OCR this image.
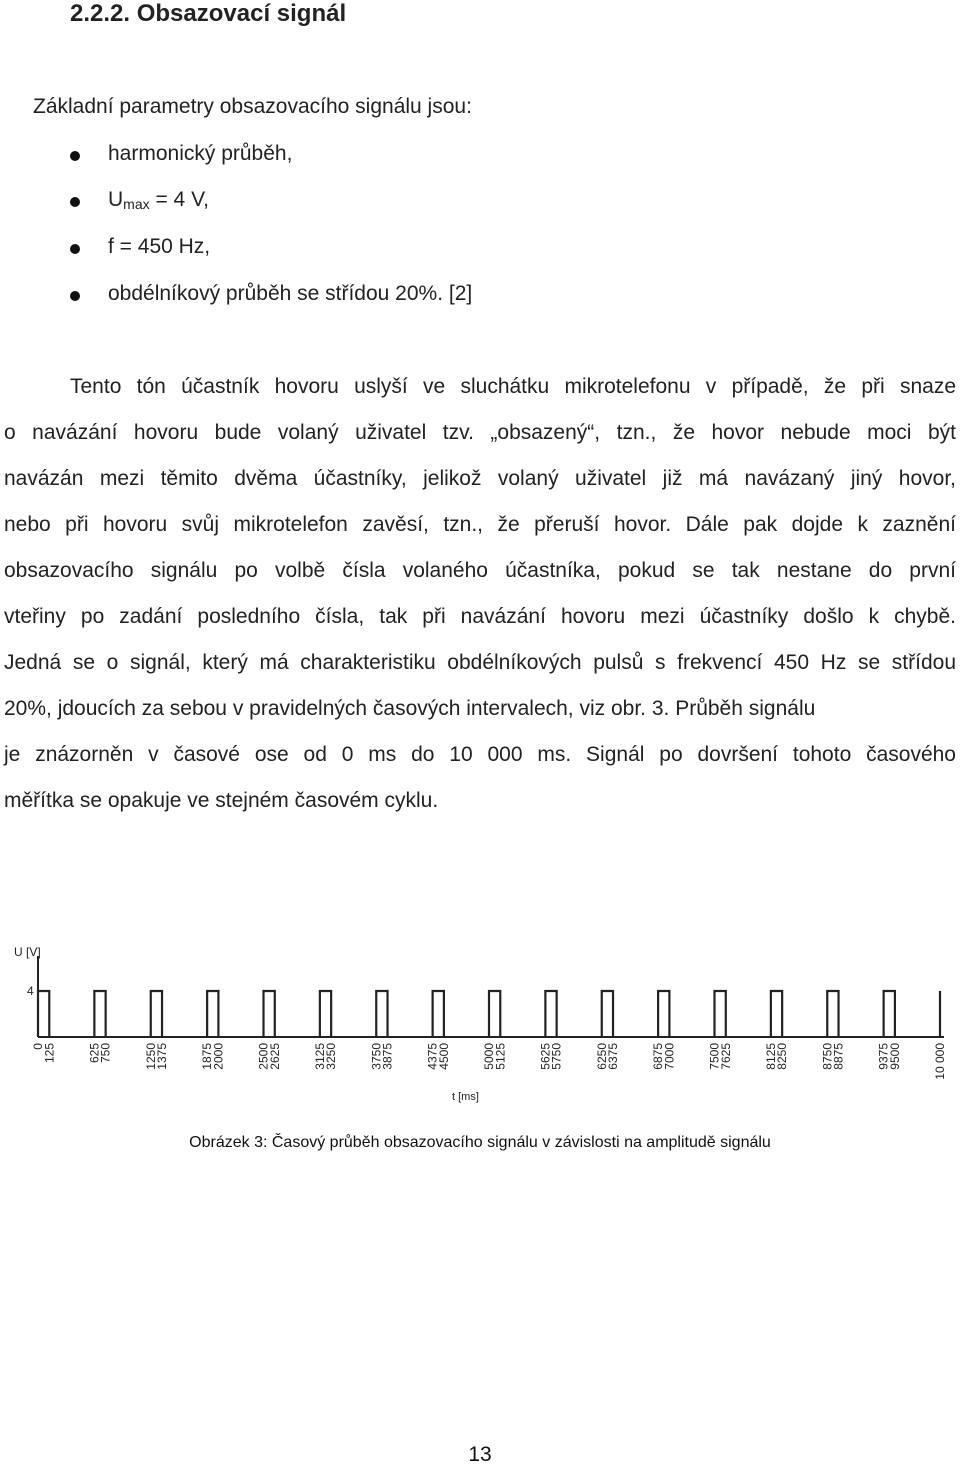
2.2.2. Obsazovací signál
Základní parametry obsazovacího signálu jsou:
harmonický průběh,
$U_{max} = 4$ V,
f = 450 Hz,
obdélníkový průběh se střídou 20%. [2]
Tento tón účastník hovoru uslyší ve sluchátku mikrotelefonu v případě, že při snaze
o navázání hovoru bude volaný uživatel tzv. „obsazený“, tzn., že hovor nebude moci být
navázán mezi těmito dvěma účastníky, jelikož volaný uživatel již má navázaný jiný hovor,
nebo při hovoru svůj mikrotelefon zavěsí, tzn., že přeruší hovor. Dále pak dojde k zaznění
obsazovacího signálu po volbě čísla volaného účastníka, pokud se tak nestane do první
vteřiny po zadání posledního čísla, tak při navázání hovoru mezi účastníky došlo k chybě.
Jedná se o signál, který má charakteristiku obdélníkových pulsů s frekvencí 450 Hz se střídou
20%, jdoucích za sebou v pravidelných časových intervalech, viz obr. 3. Průběh signálu
je znázorněn v časové ose od 0 ms do 10 000 ms. Signál po dovršení tohoto časového
měřítka se opakuje ve stejném časovém cyklu.
U [V]
4
t [ms]
0
125	625
750	1250
1375	1875
2000	2500
2625	3125
3250	3750
3875	4375
4500	5000
5125	5625
5750	6250
6375	6875
7000	7500
7625	8125
8250	8750
8875	9375
9500	10 000
Obrázek 3: Časový průběh obsazovacího signálu v závislosti na amplitudě signálu
13
